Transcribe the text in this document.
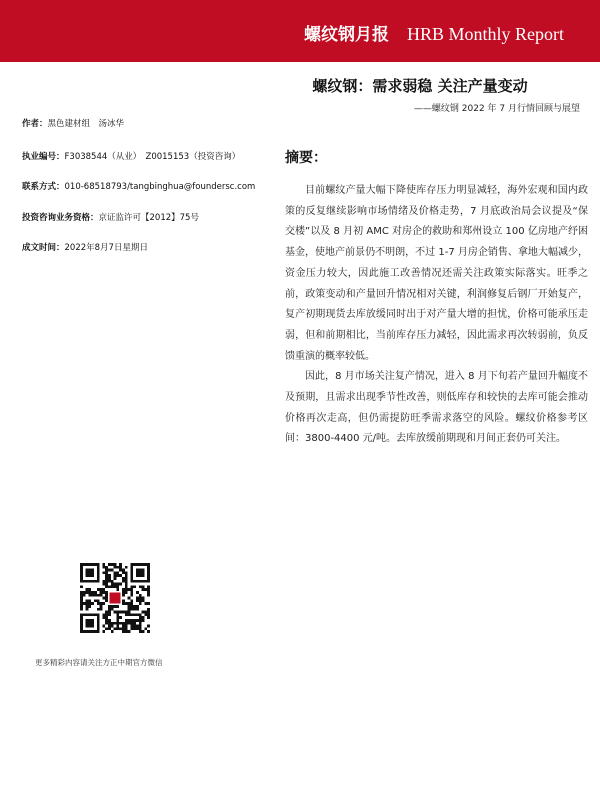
螺纹钢月报 HRB Monthly Report
螺纹钢：需求弱稳 关注产量变动
——螺纹钢 2022 年 7 月行情回顾与展望
作者：黑色建材组　汤冰华
执业编号：F3038544（从业）　Z0015153（投资咨询）
联系方式：010-68518793/tangbinghua@foundersc.com
投资咨询业务资格：京证监许可【2012】75号
成文时间：2022年8月7日星期日
摘要：

目前螺纹产量大幅下降使库存压力明显减轻，海外宏观和国内政策的反复继续影响市场情绪及价格走势，7 月底政治局会议提及“保交楼”以及 8 月初 AMC 对房企的救助和郑州设立 100 亿房地产纾困基金，使地产前景仍不明朗，不过 1-7 月房企销售、拿地大幅减少，资金压力较大，因此施工改善情况还需关注政策实际落实。旺季之前，政策变动和产量回升情况相对关键，利润修复后钢厂开始复产，复产初期现货去库放缓同时出于对产量大增的担忧，价格可能承压走弱，但和前期相比，当前库存压力减轻，因此需求再次转弱前，负反馈重演的概率较低。

因此，8 月市场关注复产情况，进入 8 月下旬若产量回升幅度不及预期，且需求出现季节性改善，则低库存和较快的去库可能会推动价格再次走高，但仍需提防旺季需求落空的风险。螺纹价格参考区间：3800-4400 元/吨。去库放缓前期现和月间正套仍可关注。

更多精彩内容请关注方正中期官方微信
